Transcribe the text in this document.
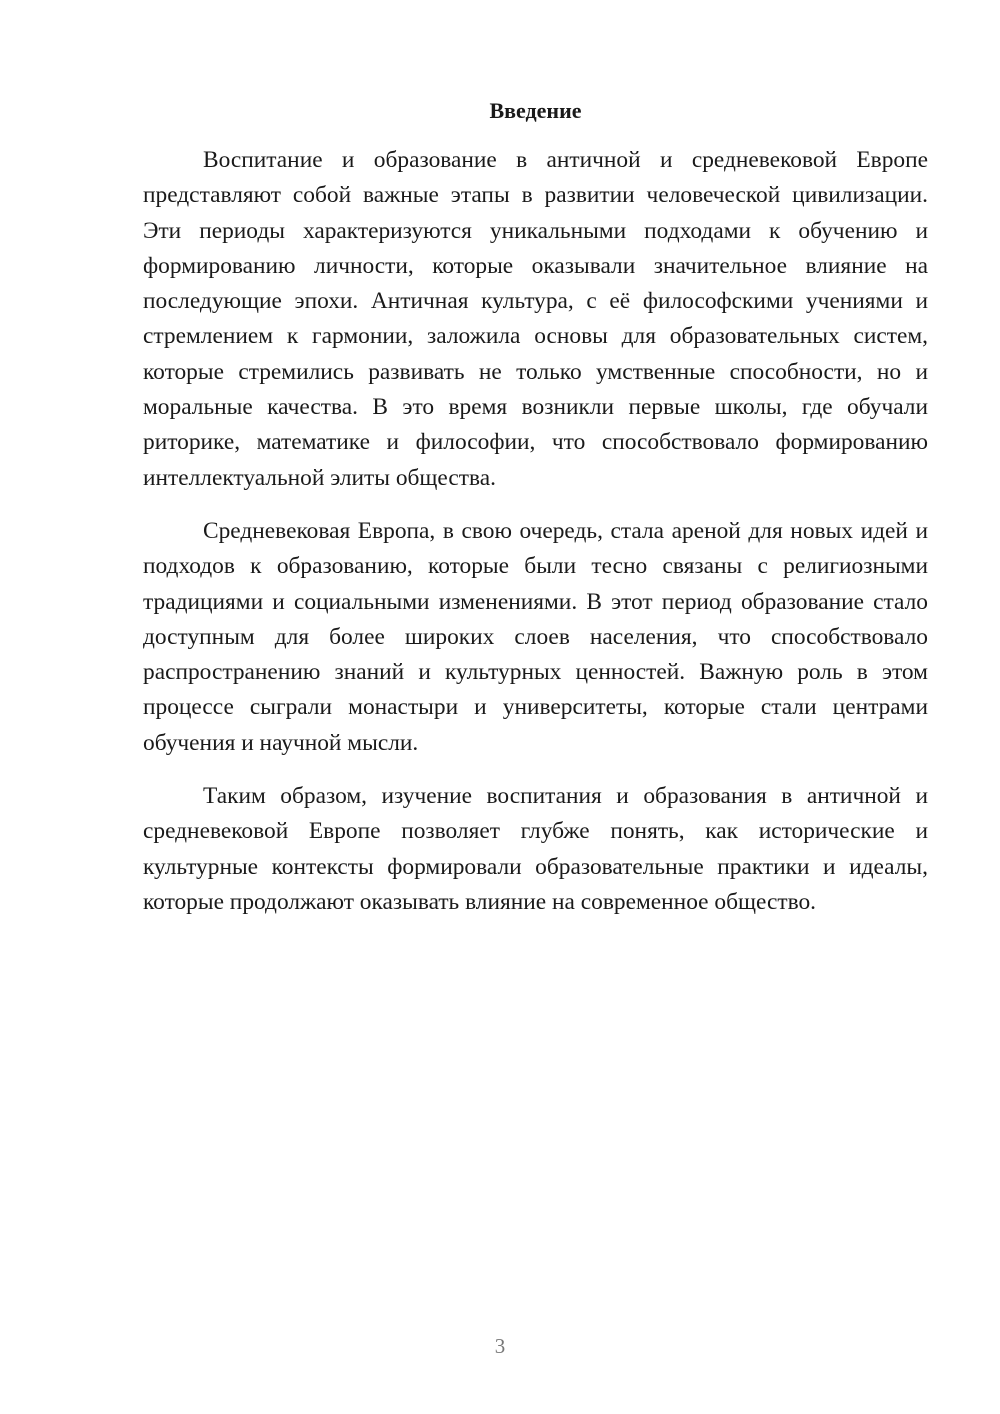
Введение

Воспитание и образование в античной и средневековой Европе представляют собой важные этапы в развитии человеческой цивилизации. Эти периоды характеризуются уникальными подходами к обучению и формированию личности, которые оказывали значительное влияние на последующие эпохи. Античная культура, с её философскими учениями и стремлением к гармонии, заложила основы для образовательных систем, которые стремились развивать не только умственные способности, но и моральные качества. В это время возникли первые школы, где обучали риторике, математике и философии, что способствовало формированию интеллектуальной элиты общества.

Средневековая Европа, в свою очередь, стала ареной для новых идей и подходов к образованию, которые были тесно связаны с религиозными традициями и социальными изменениями. В этот период образование стало доступным для более широких слоев населения, что способствовало распространению знаний и культурных ценностей. Важную роль в этом процессе сыграли монастыри и университеты, которые стали центрами обучения и научной мысли.

Таким образом, изучение воспитания и образования в античной и средневековой Европе позволяет глубже понять, как исторические и культурные контексты формировали образовательные практики и идеалы, которые продолжают оказывать влияние на современное общество.

3
